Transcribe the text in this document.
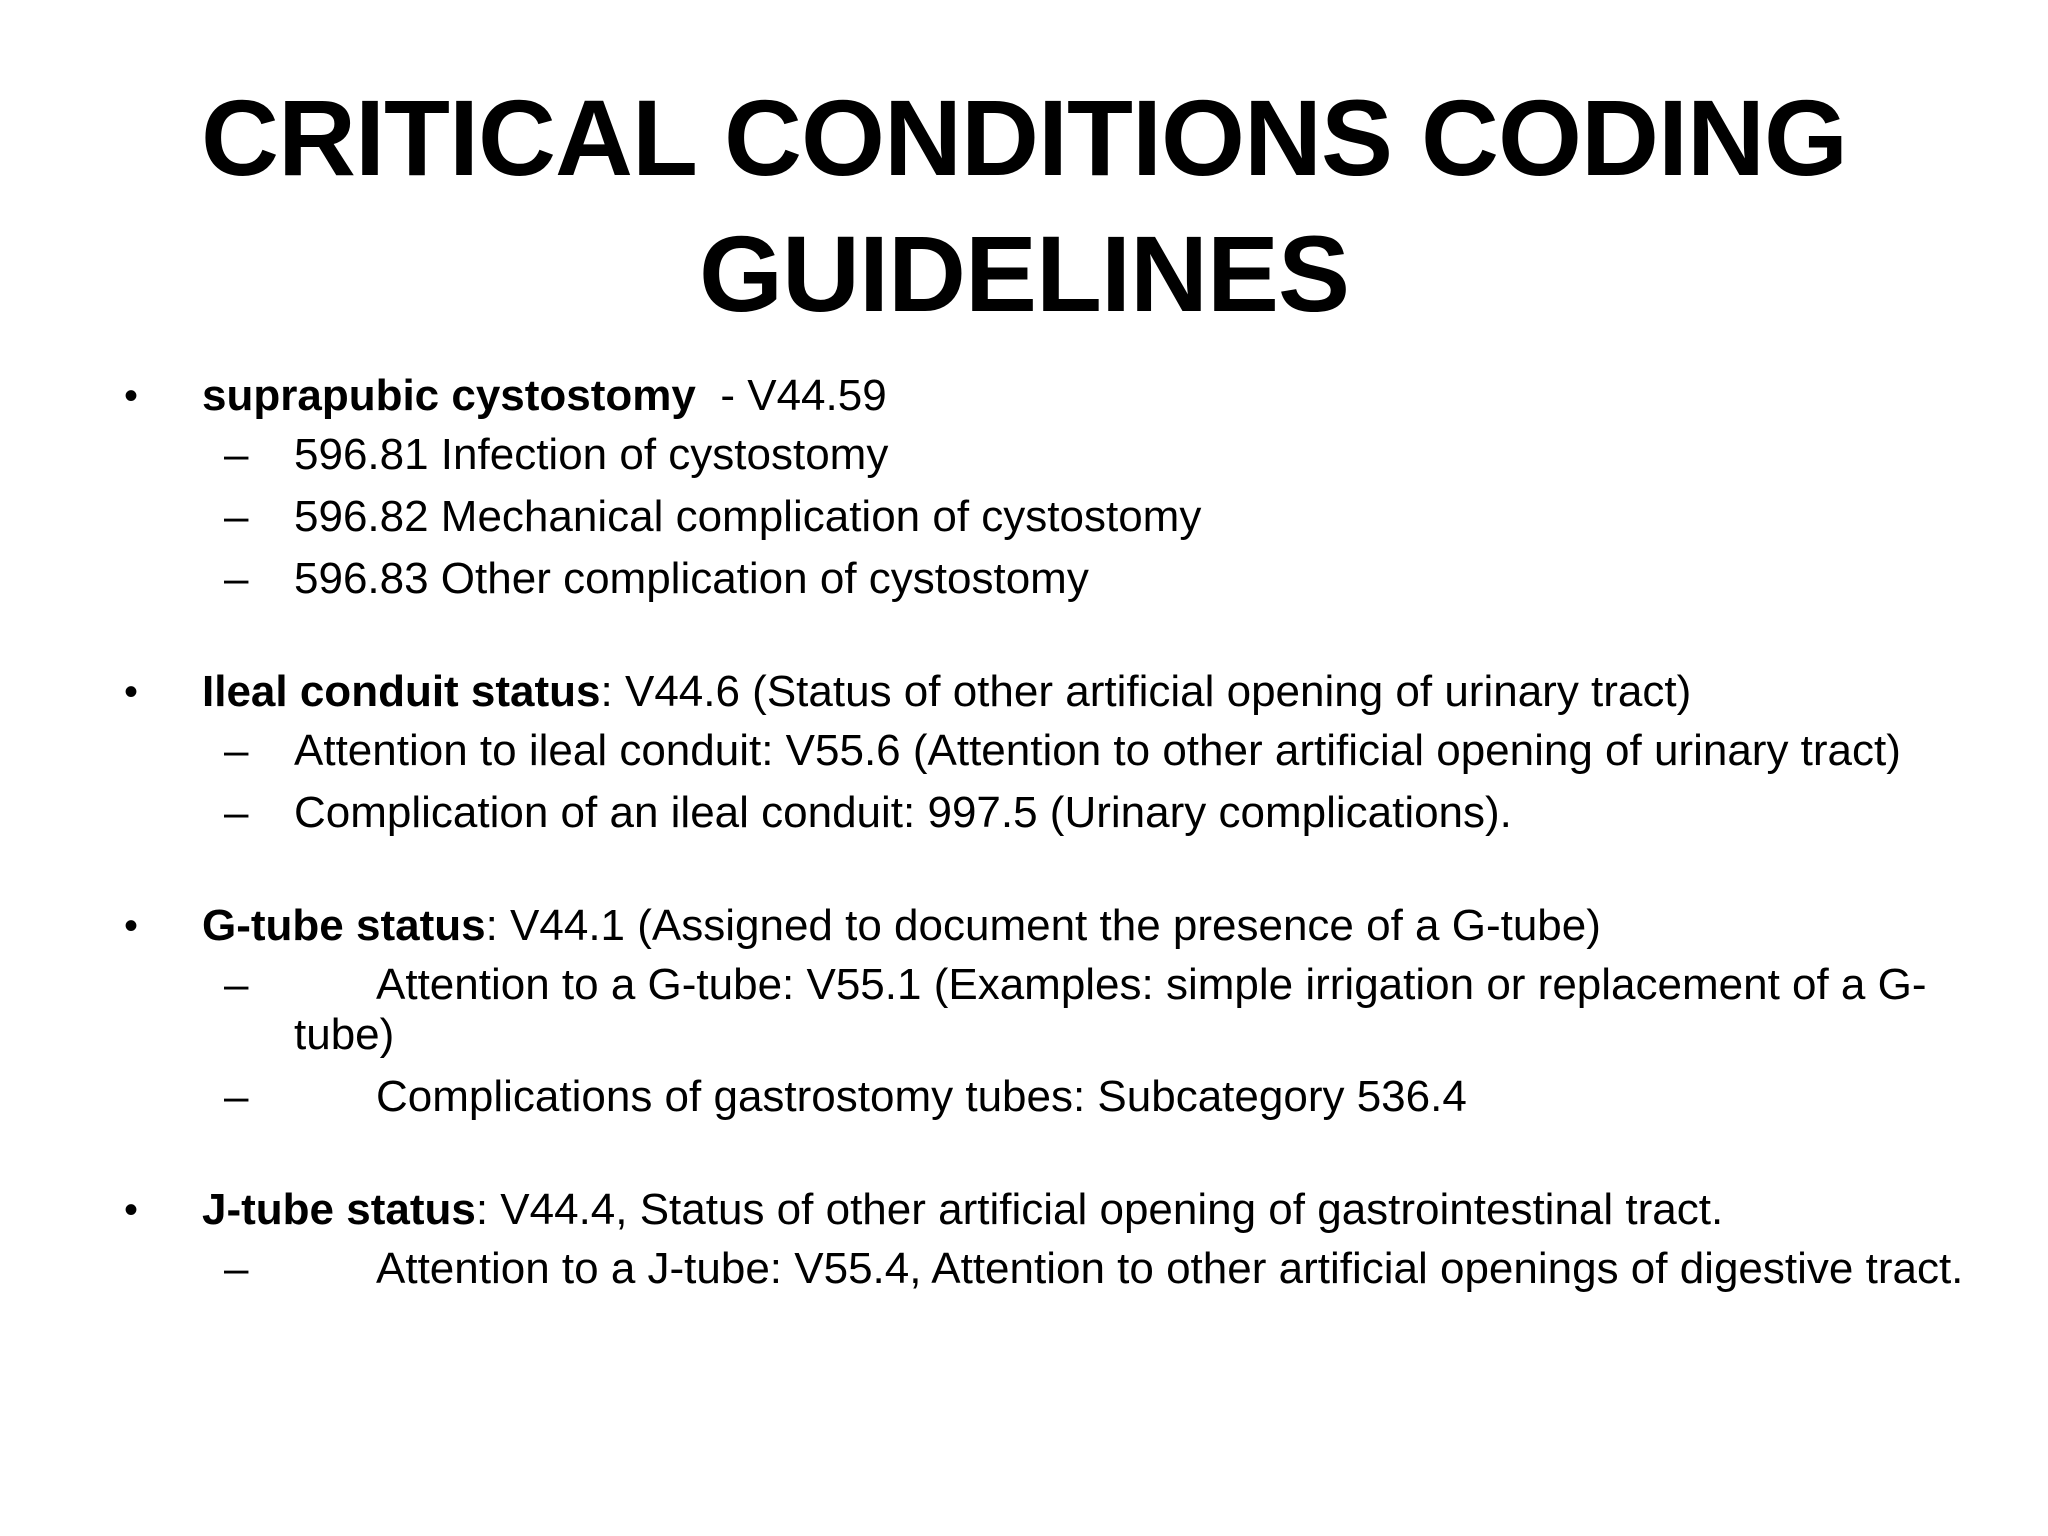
CRITICAL CONDITIONS CODING
GUIDELINES
• suprapubic cystostomy  - V44.59
– 596.81 Infection of cystostomy
– 596.82 Mechanical complication of cystostomy
– 596.83 Other complication of cystostomy
• Ileal conduit status: V44.6 (Status of other artificial opening of urinary tract)
– Attention to ileal conduit: V55.6 (Attention to other artificial opening of urinary tract)
– Complication of an ileal conduit: 997.5 (Urinary complications).
• G-tube status: V44.1 (Assigned to document the presence of a G-tube)
–	Attention to a G-tube: V55.1 (Examples: simple irrigation or replacement of a G-tube)
–	Complications of gastrostomy tubes: Subcategory 536.4
• J-tube status: V44.4, Status of other artificial opening of gastrointestinal tract.
–	Attention to a J-tube: V55.4, Attention to other artificial openings of digestive tract.
